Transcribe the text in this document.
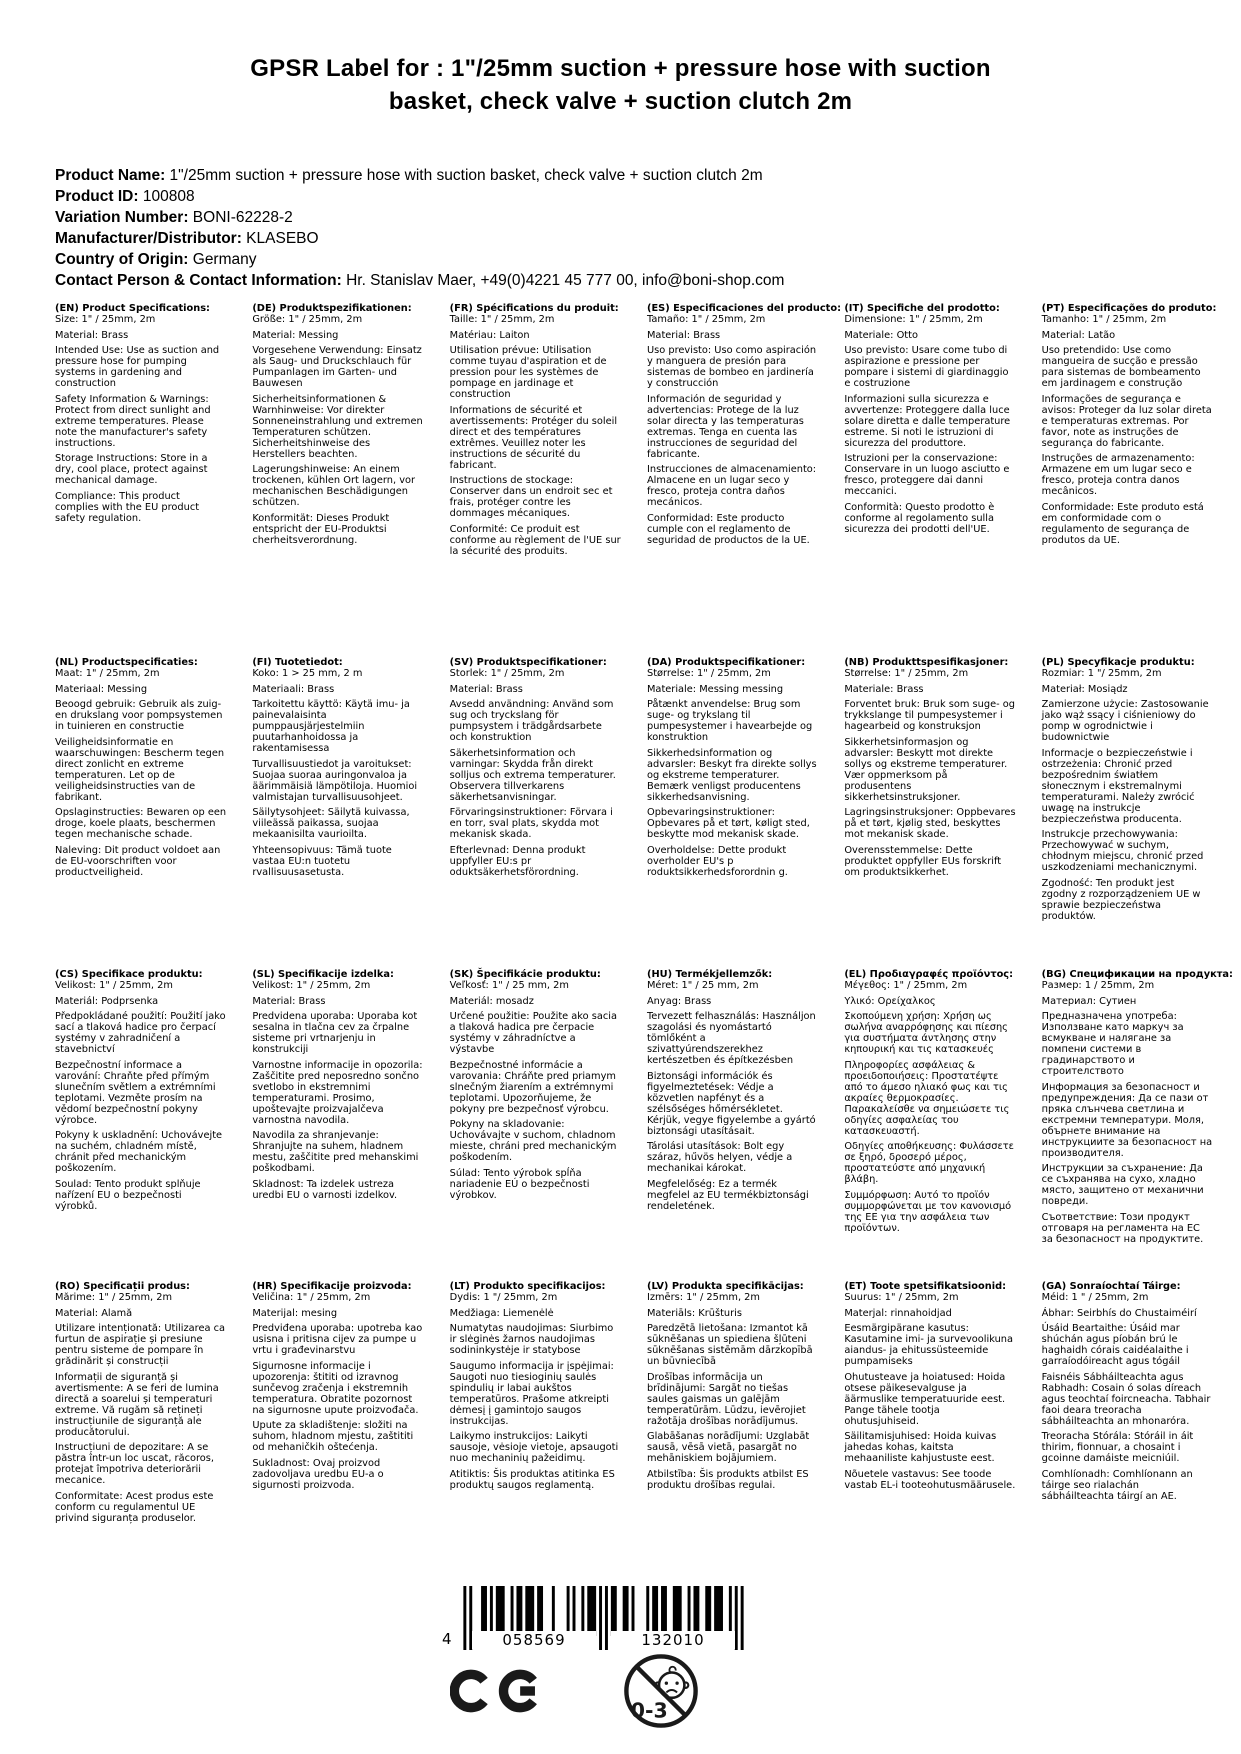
GPSR Label for : 1"/25mm suction + pressure hose with suction
basket, check valve + suction clutch 2m
Product Name: 1"/25mm suction + pressure hose with suction basket, check valve + suction clutch 2m
Product ID: 100808
Variation Number: BONI-62228-2
Manufacturer/Distributor: KLASEBO
Country of Origin: Germany
Contact Person & Contact Information: Hr. Stanislav Maer, +49(0)4221 45 777 00, info@boni-shop.com
(EN) Product Specifications:

Size: 1" / 25mm, 2m

Material: Brass

Intended Use: Use as suction and pressure hose for pumping systems in gardening and construction

Safety Information & Warnings: Protect from direct sunlight and extreme temperatures. Please note the manufacturer's safety instructions.

Storage Instructions: Store in a dry, cool place, protect against mechanical damage.

Compliance: This product complies with the EU product safety regulation.

(DE) Produktspezifikationen:

Größe: 1" / 25mm, 2m

Material: Messing

Vorgesehene Verwendung: Einsatz als Saug- und Druckschlauch für Pumpanlagen im Garten- und Bauwesen

Sicherheitsinformationen & Warnhinweise: Vor direkter Sonneneinstrahlung und extremen Temperaturen schützen. Sicherheitshinweise des Herstellers beachten.

Lagerungshinweise: An einem trockenen, kühlen Ort lagern, vor mechanischen Beschädigungen schützen.

Konformität: Dieses Produkt entspricht der EU-Produktsi cherheitsverordnung.

(FR) Spécifications du produit:

Taille: 1" / 25mm, 2m

Matériau: Laiton

Utilisation prévue: Utilisation comme tuyau d'aspiration et de pression pour les systèmes de pompage en jardinage et construction

Informations de sécurité et avertissements: Protéger du soleil direct et des températures extrêmes. Veuillez noter les instructions de sécurité du fabricant.

Instructions de stockage: Conserver dans un endroit sec et frais, protéger contre les dommages mécaniques.

Conformité: Ce produit est conforme au règlement de l'UE sur la sécurité des produits.

(ES) Especificaciones del producto:

Tamaño: 1" / 25mm, 2m

Material: Brass

Uso previsto: Uso como aspiración y manguera de presión para sistemas de bombeo en jardinería y construcción

Información de seguridad y advertencias: Protege de la luz solar directa y las temperaturas extremas. Tenga en cuenta las instrucciones de seguridad del fabricante.

Instrucciones de almacenamiento: Almacene en un lugar seco y fresco, proteja contra daños mecánicos.

Conformidad: Este producto cumple con el reglamento de seguridad de productos de la UE.

(IT) Specifiche del prodotto:

Dimensione: 1" / 25mm, 2m

Materiale: Otto

Uso previsto: Usare come tubo di aspirazione e pressione per pompare i sistemi di giardinaggio e costruzione

Informazioni sulla sicurezza e avvertenze: Proteggere dalla luce solare diretta e dalle temperature estreme. Si noti le istruzioni di sicurezza del produttore.

Istruzioni per la conservazione: Conservare in un luogo asciutto e fresco, proteggere dai danni meccanici.

Conformità: Questo prodotto è conforme al regolamento sulla sicurezza dei prodotti dell'UE.

(PT) Especificações do produto:

Tamanho: 1" / 25mm, 2m

Material: Latão

Uso pretendido: Use como mangueira de sucção e pressão para sistemas de bombeamento em jardinagem e construção

Informações de segurança e avisos: Proteger da luz solar direta e temperaturas extremas. Por favor, note as instruções de segurança do fabricante.

Instruções de armazenamento: Armazene em um lugar seco e fresco, proteja contra danos mecânicos.

Conformidade: Este produto está em conformidade com o regulamento de segurança de produtos da UE.

(NL) Productspecificaties:

Maat: 1" / 25mm, 2m

Materiaal: Messing

Beoogd gebruik: Gebruik als zuig- en drukslang voor pompsystemen in tuinieren en constructie

Veiligheidsinformatie en waarschuwingen: Bescherm tegen direct zonlicht en extreme temperaturen. Let op de veiligheidsinstructies van de fabrikant.

Opslaginstructies: Bewaren op een droge, koele plaats, beschermen tegen mechanische schade.

Naleving: Dit product voldoet aan de EU-voorschriften voor productveiligheid.

(FI) Tuotetiedot:

Koko: 1 > 25 mm, 2 m

Materiaali: Brass

Tarkoitettu käyttö: Käytä imu- ja painevalaisinta pumppausjärjestelmiin puutarhanhoidossa ja rakentamisessa

Turvallisuustiedot ja varoitukset: Suojaa suoraa auringonvaloa ja äärimmäisiä lämpötiloja. Huomioi valmistajan turvallisuusohjeet.

Säilytysohjeet: Säilytä kuivassa, viileässä paikassa, suojaa mekaanisilta vaurioilta.

Yhteensopivuus: Tämä tuote vastaa EU:n tuotetu rvallisuusasetusta.

(SV) Produktspecifikationer:

Storlek: 1" / 25mm, 2m

Material: Brass

Avsedd användning: Använd som sug och tryckslang för pumpsystem i trädgårdsarbete och konstruktion

Säkerhetsinformation och varningar: Skydda från direkt solljus och extrema temperaturer. Observera tillverkarens säkerhetsanvisningar.

Förvaringsinstruktioner: Förvara i en torr, sval plats, skydda mot mekanisk skada.

Efterlevnad: Denna produkt uppfyller EU:s pr oduktsäkerhetsförordning.

(DA) Produktspecifikationer:

Størrelse: 1" / 25mm, 2m

Materiale: Messing messing

Påtænkt anvendelse: Brug som suge- og trykslang til pumpesystemer i havearbejde og konstruktion

Sikkerhedsinformation og advarsler: Beskyt fra direkte sollys og ekstreme temperaturer. Bemærk venligst producentens sikkerhedsanvisning.

Opbevaringsinstruktioner: Opbevares på et tørt, køligt sted, beskytte mod mekanisk skade.

Overholdelse: Dette produkt overholder EU's p roduktsikkerhedsforordnin g.

(NB) Produkttspesifikasjoner:

Størrelse: 1" / 25mm, 2m

Materiale: Brass

Forventet bruk: Bruk som suge- og trykkslange til pumpesystemer i hagearbeid og konstruksjon

Sikkerhetsinformasjon og advarsler: Beskytt mot direkte sollys og ekstreme temperaturer. Vær oppmerksom på produsentens sikkerhetsinstruksjoner.

Lagringsinstruksjoner: Oppbevares på et tørt, kjølig sted, beskyttes mot mekanisk skade.

Overensstemmelse: Dette produktet oppfyller EUs forskrift om produktsikkerhet.

(PL) Specyfikacje produktu:

Rozmiar: 1 "/ 25mm, 2m

Materiał: Mosiądz

Zamierzone użycie: Zastosowanie jako wąż ssący i ciśnieniowy do pomp w ogrodnictwie i budownictwie

Informacje o bezpieczeństwie i ostrzeżenia: Chronić przed bezpośrednim światłem słonecznym i ekstremalnymi temperaturami. Należy zwrócić uwagę na instrukcje bezpieczeństwa producenta.

Instrukcje przechowywania: Przechowywać w suchym, chłodnym miejscu, chronić przed uszkodzeniami mechanicznymi.

Zgodność: Ten produkt jest zgodny z rozporządzeniem UE w sprawie bezpieczeństwa produktów.

(CS) Specifikace produktu:

Velikost: 1" / 25mm, 2m

Materiál: Podprsenka

Předpokládané použití: Použití jako sací a tlaková hadice pro čerpací systémy v zahradničení a stavebnictví

Bezpečnostní informace a varování: Chraňte před přímým slunečním světlem a extrémními teplotami. Vezměte prosím na vědomí bezpečnostní pokyny výrobce.

Pokyny k uskladnění: Uchovávejte na suchém, chladném místě, chránit před mechanickým poškozením.

Soulad: Tento produkt splňuje nařízení EU o bezpečnosti výrobků.

(SL) Specifikacije izdelka:

Velikost: 1" / 25mm, 2m

Material: Brass

Predvidena uporaba: Uporaba kot sesalna in tlačna cev za črpalne sisteme pri vrtnarjenju in konstrukciji

Varnostne informacije in opozorila: Zaščitite pred neposredno sončno svetlobo in ekstremnimi temperaturami. Prosimo, upoštevajte proizvajalčeva varnostna navodila.

Navodila za shranjevanje: Shranjujte na suhem, hladnem mestu, zaščitite pred mehanskimi poškodbami.

Skladnost: Ta izdelek ustreza uredbi EU o varnosti izdelkov.

(SK) Špecifikácie produktu:

Veľkosť: 1" / 25 mm, 2m

Materiál: mosadz

Určené použitie: Použite ako sacia a tlaková hadica pre čerpacie systémy v záhradníctve a výstavbe

Bezpečnostné informácie a varovania: Chráňte pred priamym slnečným žiarením a extrémnymi teplotami. Upozorňujeme, že pokyny pre bezpečnosť výrobcu.

Pokyny na skladovanie: Uchovávajte v suchom, chladnom mieste, chráni pred mechanickým poškodením.

Súlad: Tento výrobok spĺňa nariadenie EÚ o bezpečnosti výrobkov.

(HU) Termékjellemzők:

Méret: 1" / 25 mm, 2m

Anyag: Brass

Tervezett felhasználás: Használjon szagolási és nyomástartó tömlőként a szivattyúrendszerekhez kertészetben és építkezésben

Biztonsági információk és figyelmeztetések: Védje a közvetlen napfényt és a szélsőséges hőmérsékletet. Kérjük, vegye figyelembe a gyártó biztonsági utasításait.

Tárolási utasítások: Bolt egy száraz, hűvös helyen, védje a mechanikai károkat.

Megfelelőség: Ez a termék megfelel az EU termékbiztonsági rendeletének.

(EL) Προδιαγραφές προϊόντος:

Μέγεθος: 1" / 25mm, 2m

Υλικό: Ορείχαλκος

Σκοπούμενη χρήση: Χρήση ως σωλήνα αναρρόφησης και πίεσης για συστήματα άντλησης στην κηπουρική και τις κατασκευές

Πληροφορίες ασφάλειας & προειδοποιήσεις: Προστατέψτε από το άμεσο ηλιακό φως και τις ακραίες θερμοκρασίες. Παρακαλείσθε να σημειώσετε τις οδηγίες ασφαλείας του κατασκευαστή.

Οδηγίες αποθήκευσης: Φυλάσσετε σε ξηρό, δροσερό μέρος, προστατεύστε από μηχανική βλάβη.

Συμμόρφωση: Αυτό το προϊόν συμμορφώνεται με τον κανονισμό της ΕΕ για την ασφάλεια των προϊόντων.

(BG) Спецификации на продукта:

Размер: 1 / 25mm, 2m

Материал: Сутиен

Предназначена употреба: Използване като маркуч за всмукване и налягане за помпени системи в градинарството и строителството

Информация за безопасност и предупреждения: Да се пази от пряка слънчева светлина и екстремни температури. Моля, обърнете внимание на инструкциите за безопасност на производителя.

Инструкции за съхранение: Да се съхранява на сухо, хладно място, защитено от механични повреди.

Съответствие: Този продукт отговаря на регламента на ЕС за безопасност на продуктите.

(RO) Specificații produs:

Mărime: 1" / 25mm, 2m

Material: Alamă

Utilizare intenționată: Utilizarea ca furtun de aspirație și presiune pentru sisteme de pompare în grădinărit și construcții

Informații de siguranță și avertismente: A se feri de lumina directă a soarelui și temperaturi extreme. Vă rugăm să rețineți instrucțiunile de siguranță ale producătorului.

Instrucțiuni de depozitare: A se păstra într-un loc uscat, răcoros, protejat împotriva deteriorării mecanice.

Conformitate: Acest produs este conform cu regulamentul UE privind siguranța produselor.

(HR) Specifikacije proizvoda:

Veličina: 1" / 25mm, 2m

Materijal: mesing

Predviđena uporaba: upotreba kao usisna i pritisna cijev za pumpe u vrtu i građevinarstvu

Sigurnosne informacije i upozorenja: štititi od izravnog sunčevog zračenja i ekstremnih temperatura. Obratite pozornost na sigurnosne upute proizvođača.

Upute za skladištenje: složiti na suhom, hladnom mjestu, zaštititi od mehaničkih oštećenja.

Sukladnost: Ovaj proizvod zadovoljava uredbu EU-a o sigurnosti proizvoda.

(LT) Produkto specifikacijos:

Dydis: 1 "/ 25mm, 2m

Medžiaga: Liemenėlė

Numatytas naudojimas: Siurbimo ir slėginės žarnos naudojimas sodininkystėje ir statybose

Saugumo informacija ir įspėjimai: Saugoti nuo tiesioginių saulės spindulių ir labai aukštos temperatūros. Prašome atkreipti dėmesį į gamintojo saugos instrukcijas.

Laikymo instrukcijos: Laikyti sausoje, vėsioje vietoje, apsaugoti nuo mechaninių pažeidimų.

Atitiktis: Šis produktas atitinka ES produktų saugos reglamentą.

(LV) Produkta specifikācijas:

Izmērs: 1" / 25mm, 2m

Materiāls: Krūšturis

Paredzētā lietošana: Izmantot kā sūknēšanas un spiediena šļūteni sūknēšanas sistēmām dārzkopībā un būvniecībā

Drošības informācija un brīdinājumi: Sargāt no tiešas saules gaismas un galējām temperatūrām. Lūdzu, ievērojiet ražotāja drošības norādījumus.

Glabāšanas norādījumi: Uzglabāt sausā, vēsā vietā, pasargāt no mehāniskiem bojājumiem.

Atbilstība: Šis produkts atbilst ES produktu drošības regulai.

(ET) Toote spetsifikatsioonid:

Suurus: 1" / 25mm, 2m

Materjal: rinnahoidjad

Eesmärgipärane kasutus: Kasutamine imi- ja survevoolikuna aiandus- ja ehitussüsteemide pumpamiseks

Ohutusteave ja hoiatused: Hoida otsese päikesevalguse ja äärmuslike temperatuuride eest. Pange tähele tootja ohutusjuhiseid.

Säilitamisjuhised: Hoida kuivas jahedas kohas, kaitsta mehaaniliste kahjustuste eest.

Nõuetele vastavus: See toode vastab EL-i tooteohutusmäärusele.

(GA) Sonraíochtaí Táirge:

Méid: 1 " / 25mm, 2m

Ábhar: Seirbhís do Chustaiméirí

Úsáid Beartaithe: Úsáid mar shúchán agus píobán brú le haghaidh córais caidéalaithe i garraíodóireacht agus tógáil

Faisnéis Sábháilteachta agus Rabhadh: Cosain ó solas díreach agus teochtaí foircneacha. Tabhair faoi deara treoracha sábháilteachta an mhonaróra.

Treoracha Stórála: Stóráil in áit thirim, fionnuar, a chosaint i gcoinne damáiste meicniúil.

Comhlíonadh: Comhlíonann an táirge seo rialachán sábháilteachta táirgí an AE.

4	058569	132010
0-3
